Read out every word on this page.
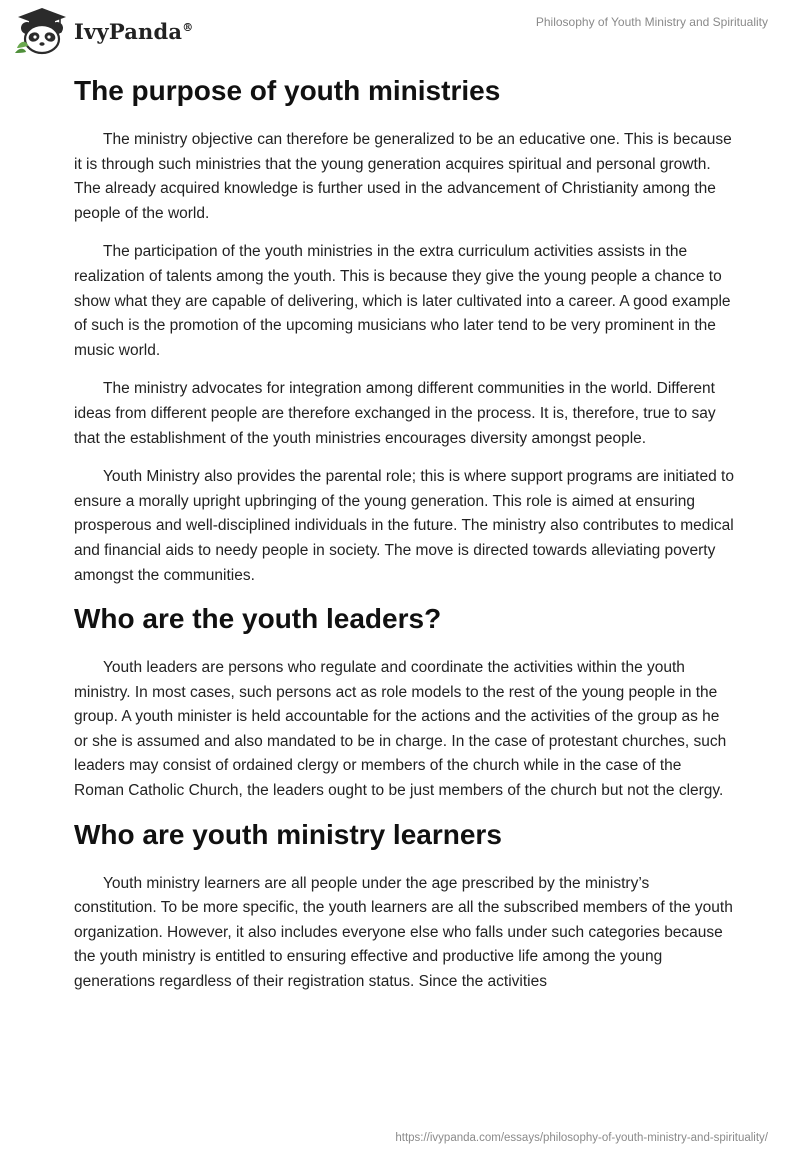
IvyPanda®	Philosophy of Youth Ministry and Spirituality
The purpose of youth ministries

The ministry objective can therefore be generalized to be an educative one. This is because it is through such ministries that the young generation acquires spiritual and personal growth. The already acquired knowledge is further used in the advancement of Christianity among the people of the world.

The participation of the youth ministries in the extra curriculum activities assists in the realization of talents among the youth. This is because they give the young people a chance to show what they are capable of delivering, which is later cultivated into a career. A good example of such is the promotion of the upcoming musicians who later tend to be very prominent in the music world.

The ministry advocates for integration among different communities in the world. Different ideas from different people are therefore exchanged in the process. It is, therefore, true to say that the establishment of the youth ministries encourages diversity amongst people.

Youth Ministry also provides the parental role; this is where support programs are initiated to ensure a morally upright upbringing of the young generation. This role is aimed at ensuring prosperous and well-disciplined individuals in the future. The ministry also contributes to medical and financial aids to needy people in society. The move is directed towards alleviating poverty amongst the communities.

Who are the youth leaders?

Youth leaders are persons who regulate and coordinate the activities within the youth ministry. In most cases, such persons act as role models to the rest of the young people in the group. A youth minister is held accountable for the actions and the activities of the group as he or she is assumed and also mandated to be in charge. In the case of protestant churches, such leaders may consist of ordained clergy or members of the church while in the case of the Roman Catholic Church, the leaders ought to be just members of the church but not the clergy.

Who are youth ministry learners

Youth ministry learners are all people under the age prescribed by the ministry’s constitution. To be more specific, the youth learners are all the subscribed members of the youth organization. However, it also includes everyone else who falls under such categories because the youth ministry is entitled to ensuring effective and productive life among the young generations regardless of their registration status. Since the activities

https://ivypanda.com/essays/philosophy-of-youth-ministry-and-spirituality/
